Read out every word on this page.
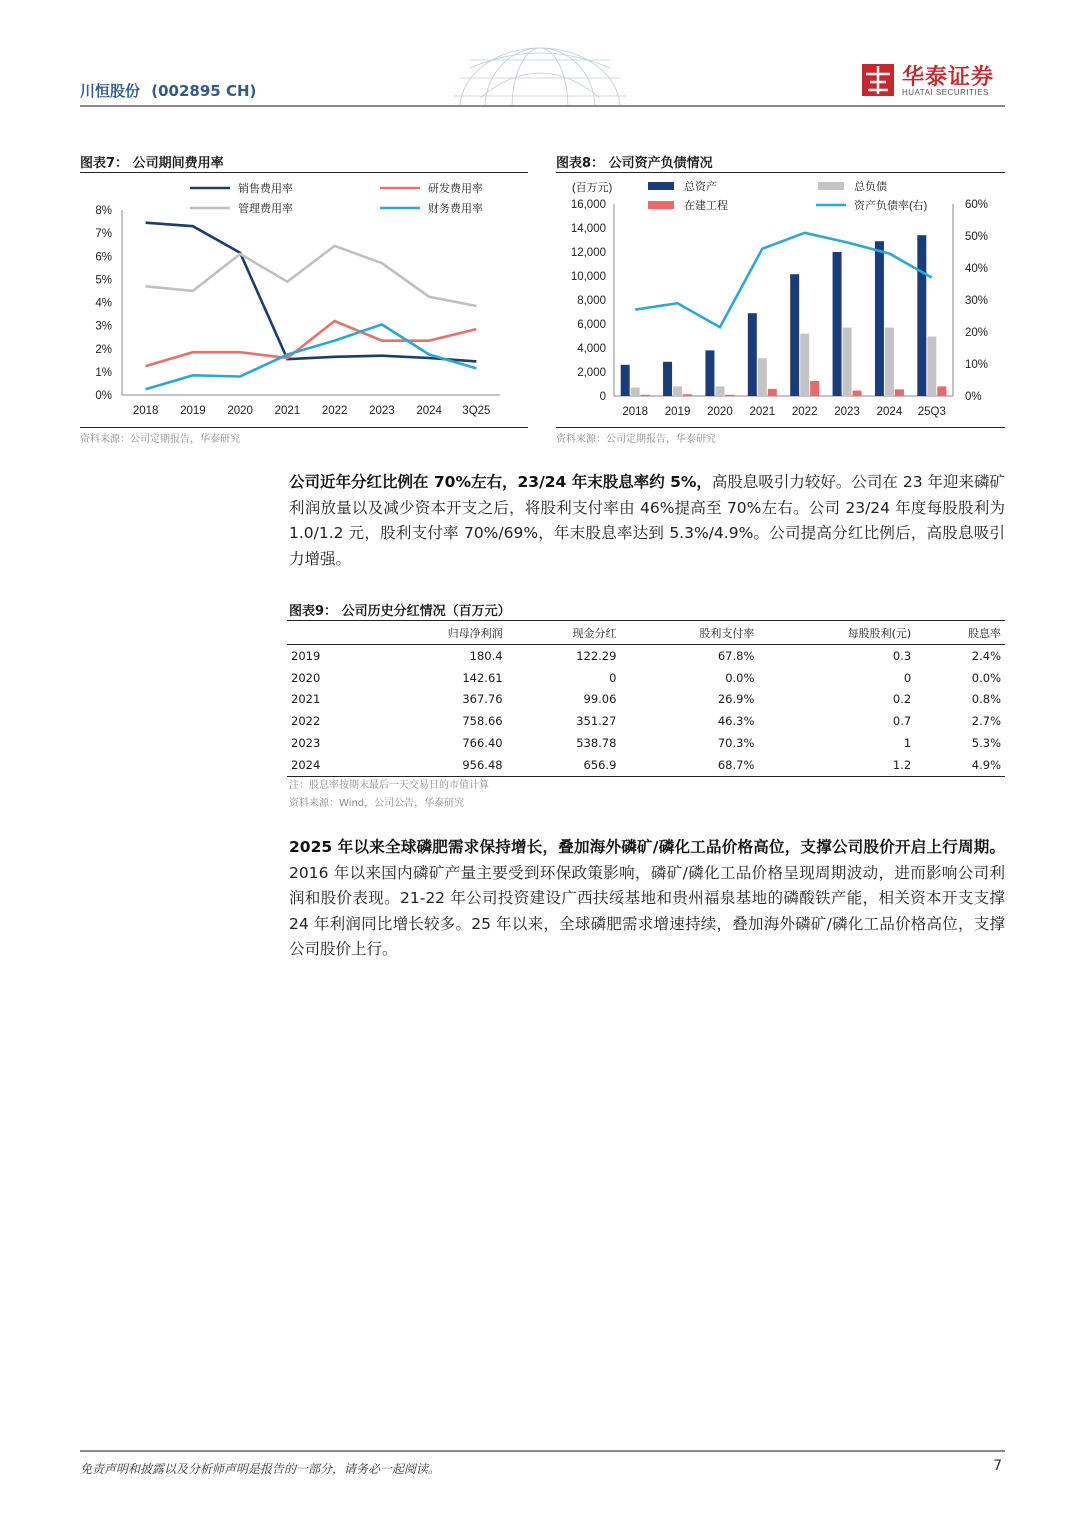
川恒股份 (002895 CH)
华泰证券
HUATAI SECURITIES
图表7： 公司期间费用率
0%
1%
2%
3%
4%
5%
6%
7%
8%
2018 2019 2020 2021 2022 2023 2024 3Q25
销售费用率	研发费用率
管理费用率	财务费用率
资料来源：公司定期报告，华泰研究
图表8： 公司资产负债情况
(百万元)
0
2,000
4,000
6,000
8,000
10,000
12,000
14,000
16,000
0%
10%
20%
30%
40%
50%
60%
2018 2019 2020 2021 2022 2023 2024 25Q3
总资产	总负债
在建工程	资产负债率(右)
资料来源：公司定期报告，华泰研究
公司近年分红比例在 70%左右，23/24 年末股息率约 5%，高股息吸引力较好。公司在 23 年迎来磷矿利润放量以及减少资本开支之后，将股利支付率由 46%提高至 70%左右。公司 23/24 年度每股股利为 1.0/1.2 元，股利支付率 70%/69%，年末股息率达到 5.3%/4.9%。公司提高分红比例后，高股息吸引力增强。
图表9： 公司历史分红情况（百万元）
	归母净利润	现金分红	股利支付率	每股股利(元)	股息率
2019	180.4	122.29	67.8%	0.3	2.4%
2020	142.61	0	0.0%	0	0.0%
2021	367.76	99.06	26.9%	0.2	0.8%
2022	758.66	351.27	46.3%	0.7	2.7%
2023	766.40	538.78	70.3%	1	5.3%
2024	956.48	656.9	68.7%	1.2	4.9%
注：股息率按期末最后一天交易日的市值计算
资料来源：Wind，公司公告，华泰研究
2025 年以来全球磷肥需求保持增长，叠加海外磷矿/磷化工品价格高位，支撑公司股价开启上行周期。2016 年以来国内磷矿产量主要受到环保政策影响，磷矿/磷化工品价格呈现周期波动，进而影响公司利润和股价表现。21-22 年公司投资建设广西扶绥基地和贵州福泉基地的磷酸铁产能，相关资本开支支撑 24 年利润同比增长较多。25 年以来，全球磷肥需求增速持续，叠加海外磷矿/磷化工品价格高位，支撑公司股价上行。
免责声明和披露以及分析师声明是报告的一部分，请务必一起阅读。	7
